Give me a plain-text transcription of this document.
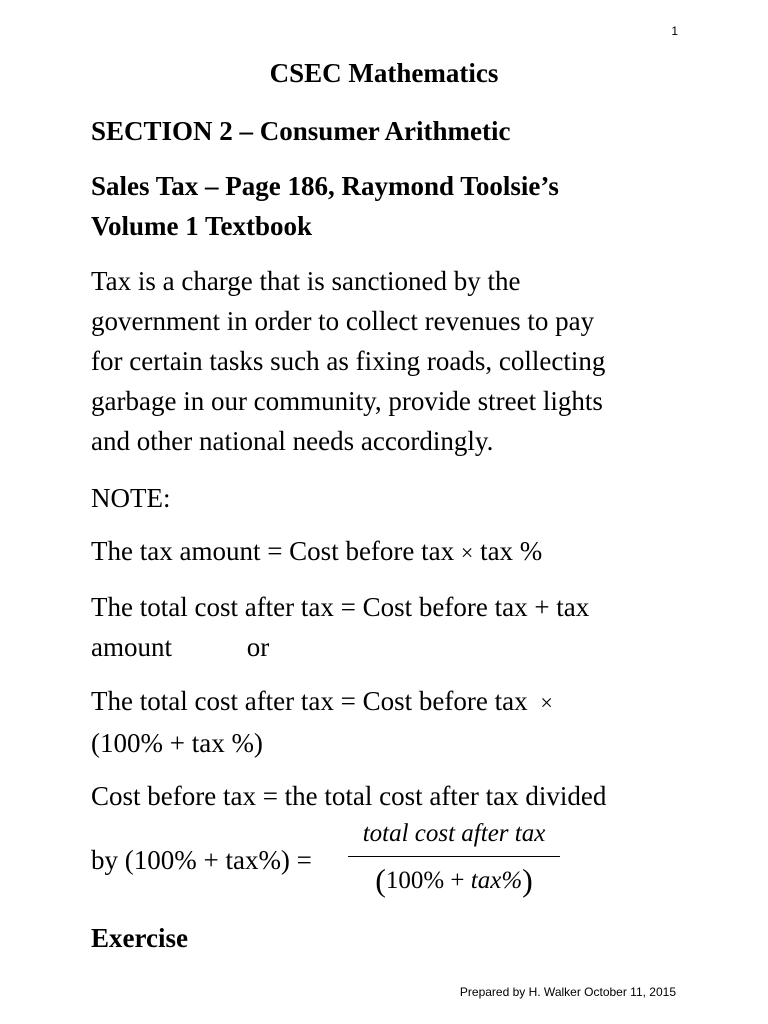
1
CSEC Mathematics
SECTION 2 – Consumer Arithmetic
Sales Tax – Page 186, Raymond Toolsie’s
Volume 1 Textbook
Tax is a charge that is sanctioned by the
government in order to collect revenues to pay
for certain tasks such as fixing roads, collecting
garbage in our community, provide street lights
and other national needs accordingly.
NOTE:
The tax amount = Cost before tax × tax %
The total cost after tax = Cost before tax + tax
amount	or
The total cost after tax = Cost before tax ×
(100% + tax %)
Cost before tax = the total cost after tax divided
by (100% + tax%) =
total cost after tax
(100% + tax%)
Exercise
Prepared by H. Walker October 11, 2015
